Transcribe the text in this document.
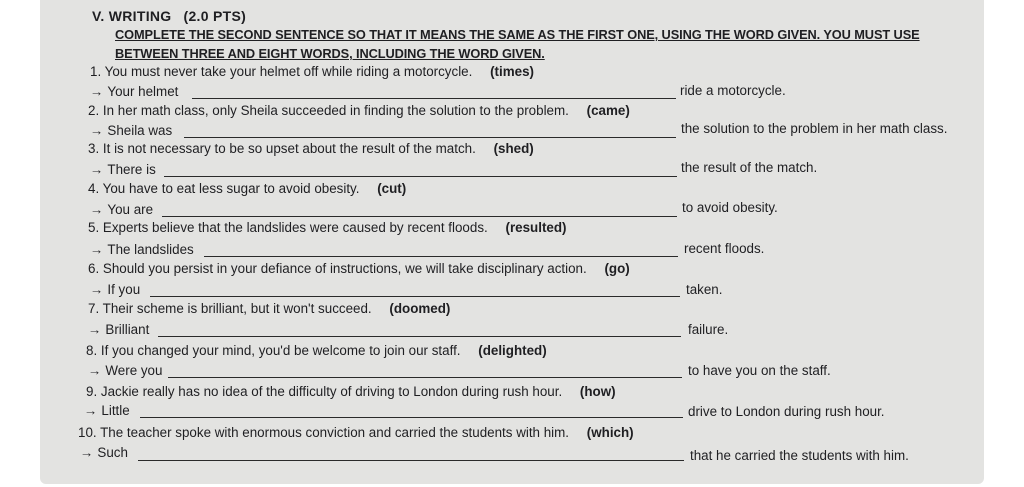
V. WRITING (2.0 PTS)
COMPLETE THE SECOND SENTENCE SO THAT IT MEANS THE SAME AS THE FIRST ONE, USING THE WORD GIVEN. YOU MUST USE
BETWEEN THREE AND EIGHT WORDS, INCLUDING THE WORD GIVEN.
1. You must never take your helmet off while riding a motorcycle. (times)
→ Your helmet	ride a motorcycle.
2. In her math class, only Sheila succeeded in finding the solution to the problem. (came)
→ Sheila was	the solution to the problem in her math class.
3. It is not necessary to be so upset about the result of the match. (shed)
→ There is	the result of the match.
4. You have to eat less sugar to avoid obesity. (cut)
→ You are	to avoid obesity.
5. Experts believe that the landslides were caused by recent floods. (resulted)
→ The landslides	recent floods.
6. Should you persist in your defiance of instructions, we will take disciplinary action. (go)
→ If you	taken.
7. Their scheme is brilliant, but it won't succeed. (doomed)
→ Brilliant	failure.
8. If you changed your mind, you'd be welcome to join our staff. (delighted)
→ Were you	to have you on the staff.
9. Jackie really has no idea of the difficulty of driving to London during rush hour. (how)
→ Little	drive to London during rush hour.
10. The teacher spoke with enormous conviction and carried the students with him. (which)
→ Such	that he carried the students with him.
